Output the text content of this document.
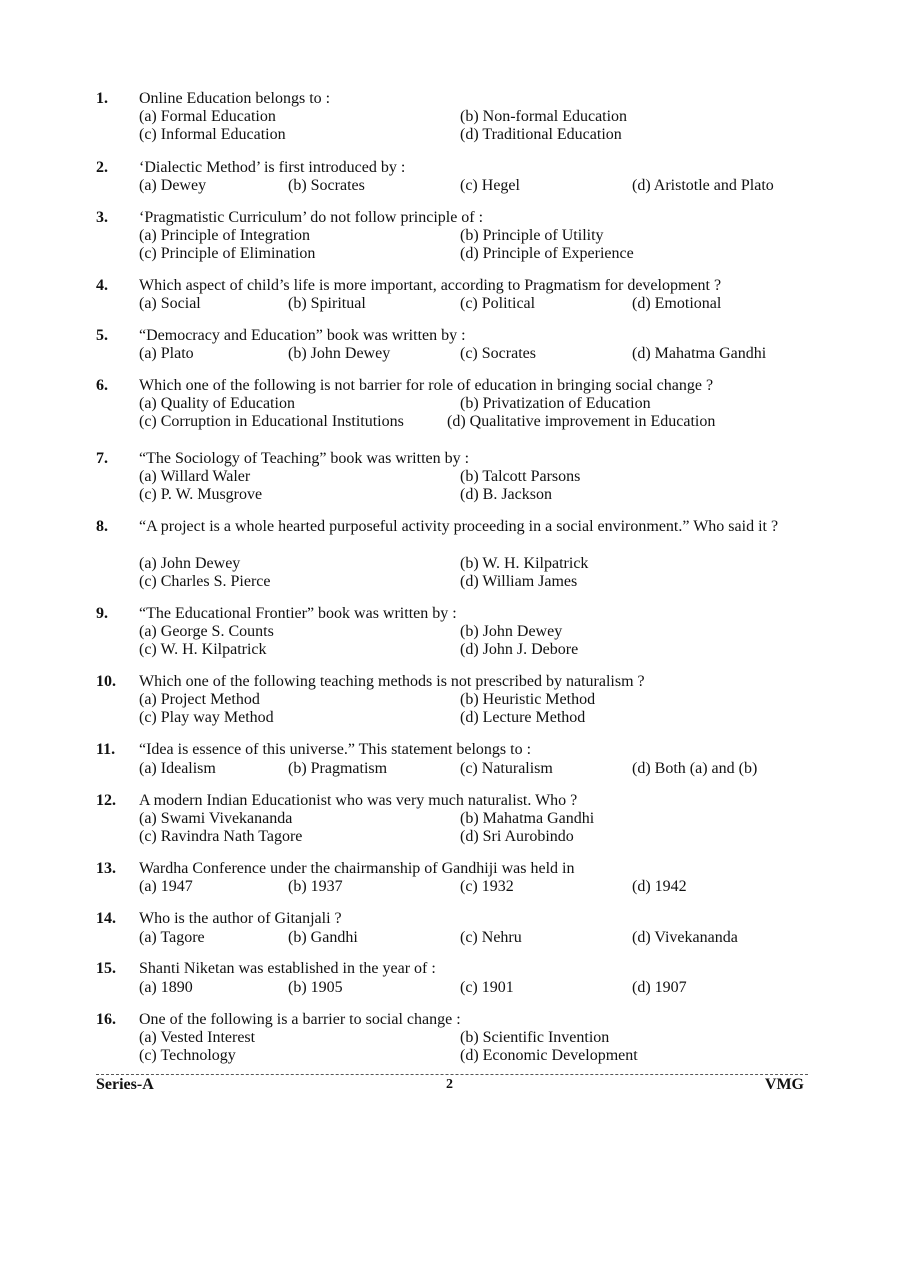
1. Online Education belongs to :
(a) Formal Education	(b) Non-formal Education
(c) Informal Education	(d) Traditional Education
2. ‘Dialectic Method’ is first introduced by :
(a) Dewey	(b) Socrates	(c) Hegel	(d) Aristotle and Plato
3. ‘Pragmatistic Curriculum’ do not follow principle of :
(a) Principle of Integration	(b) Principle of Utility
(c) Principle of Elimination	(d) Principle of Experience
4. Which aspect of child’s life is more important, according to Pragmatism for development ?
(a) Social	(b) Spiritual	(c) Political	(d) Emotional
5. “Democracy and Education” book was written by :
(a) Plato	(b) John Dewey	(c) Socrates	(d) Mahatma Gandhi
6. Which one of the following is not barrier for role of education in bringing social change ?
(a) Quality of Education	(b) Privatization of Education
(c) Corruption in Educational Institutions	(d) Qualitative improvement in Education
7. “The Sociology of Teaching” book was written by :
(a) Willard Waler	(b) Talcott Parsons
(c) P. W. Musgrove	(d) B. Jackson
8. “A project is a whole hearted purposeful activity proceeding in a social environment.” Who said it ?
(a) John Dewey	(b) W. H. Kilpatrick
(c) Charles S. Pierce	(d) William James
9. “The Educational Frontier” book was written by :
(a) George S. Counts	(b) John Dewey
(c) W. H. Kilpatrick	(d) John J. Debore
10. Which one of the following teaching methods is not prescribed by naturalism ?
(a) Project Method	(b) Heuristic Method
(c) Play way Method	(d) Lecture Method
11. “Idea is essence of this universe.” This statement belongs to :
(a) Idealism	(b) Pragmatism	(c) Naturalism	(d) Both (a) and (b)
12. A modern Indian Educationist who was very much naturalist. Who ?
(a) Swami Vivekananda	(b) Mahatma Gandhi
(c) Ravindra Nath Tagore	(d) Sri Aurobindo
13. Wardha Conference under the chairmanship of Gandhiji was held in
(a) 1947	(b) 1937	(c) 1932	(d) 1942
14. Who is the author of Gitanjali ?
(a) Tagore	(b) Gandhi	(c) Nehru	(d) Vivekananda
15. Shanti Niketan was established in the year of :
(a) 1890	(b) 1905	(c) 1901	(d) 1907
16. One of the following is a barrier to social change :
(a) Vested Interest	(b) Scientific Invention
(c) Technology	(d) Economic Development
Series-A	2	VMG
